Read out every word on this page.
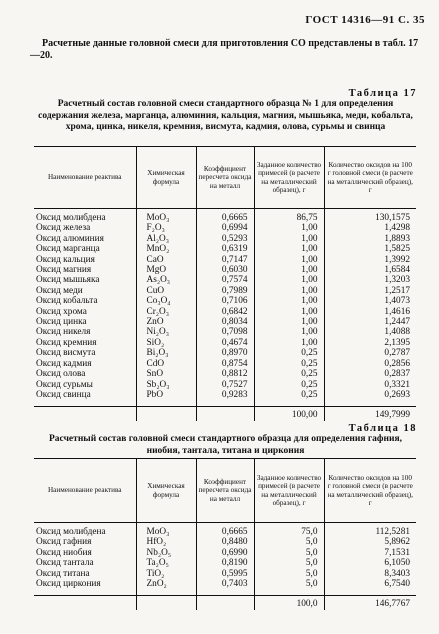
ГОСТ 14316—91 С. 35
Расчетные данные головной смеси для приготовления СО представлены в табл. 17—20.
Таблица 17
Расчетный состав головной смеси стандартного образца № 1 для определения содержания железа, марганца, алюминия, кальция, магния, мышьяка, меди, кобальта, хрома, цинка, никеля, кремния, висмута, кадмия, олова, сурьмы и свинца
Наименование реактива	Химическая формула	Коэффициент пересчета оксида на металл	Заданное количество примесей (в расчете на металлический образец), г	Количество оксидов на 100 г головной смеси (в расчете на металлический образец), г
Оксид молибдена	MoO₃	0,6665	86,75	130,1575
Оксид железа	F₂O₃	0,6994	1,00	1,4298
Оксид алюминия	Al₂O₃	0,5293	1,00	1,8893
Оксид марганца	MnO₂	0,6319	1,00	1,5825
Оксид кальция	CaO	0,7147	1,00	1,3992
Оксид магния	MgO	0,6030	1,00	1,6584
Оксид мышьяка	As₂O₃	0,7574	1,00	1,3203
Оксид меди	CuO	0,7989	1,00	1,2517
Оксид кобальта	Co₃O₄	0,7106	1,00	1,4073
Оксид хрома	Cr₂O₃	0,6842	1,00	1,4616
Оксид цинка	ZnO	0,8034	1,00	1,2447
Оксид никеля	Ni₂O₃	0,7098	1,00	1,4088
Оксид кремния	SiO₂	0,4674	1,00	2,1395
Оксид висмута	Bi₂O₃	0,8970	0,25	0,2787
Оксид кадмия	CdO	0,8754	0,25	0,2856
Оксид олова	SnO	0,8812	0,25	0,2837
Оксид сурьмы	Sb₂O₃	0,7527	0,25	0,3321
Оксид свинца	PbO	0,9283	0,25	0,2693
			100,00	149,7999
Таблица 18
Расчетный состав головной смеси стандартного образца для определения гафния, ниобия, тантала, титана и циркония
Наименование реактива	Химическая формула	Коэффициент пересчета оксида на металл	Заданное количество примесей (в расчете на металлический образец), г	Количество оксидов на 100 г головной смеси (в расчете на металлический образец), г
Оксид молибдена	MoO₃	0,6665	75,0	112,5281
Оксид гафния	HfO₂	0,8480	5,0	5,8962
Оксид ниобия	Nb₂O₅	0,6990	5,0	7,1531
Оксид тантала	Ta₂O₅	0,8190	5,0	6,1050
Оксид титана	TiO₂	0,5995	5,0	8,3403
Оксид циркония	ZnO₂	0,7403	5,0	6,7540
			100,0	146,7767
